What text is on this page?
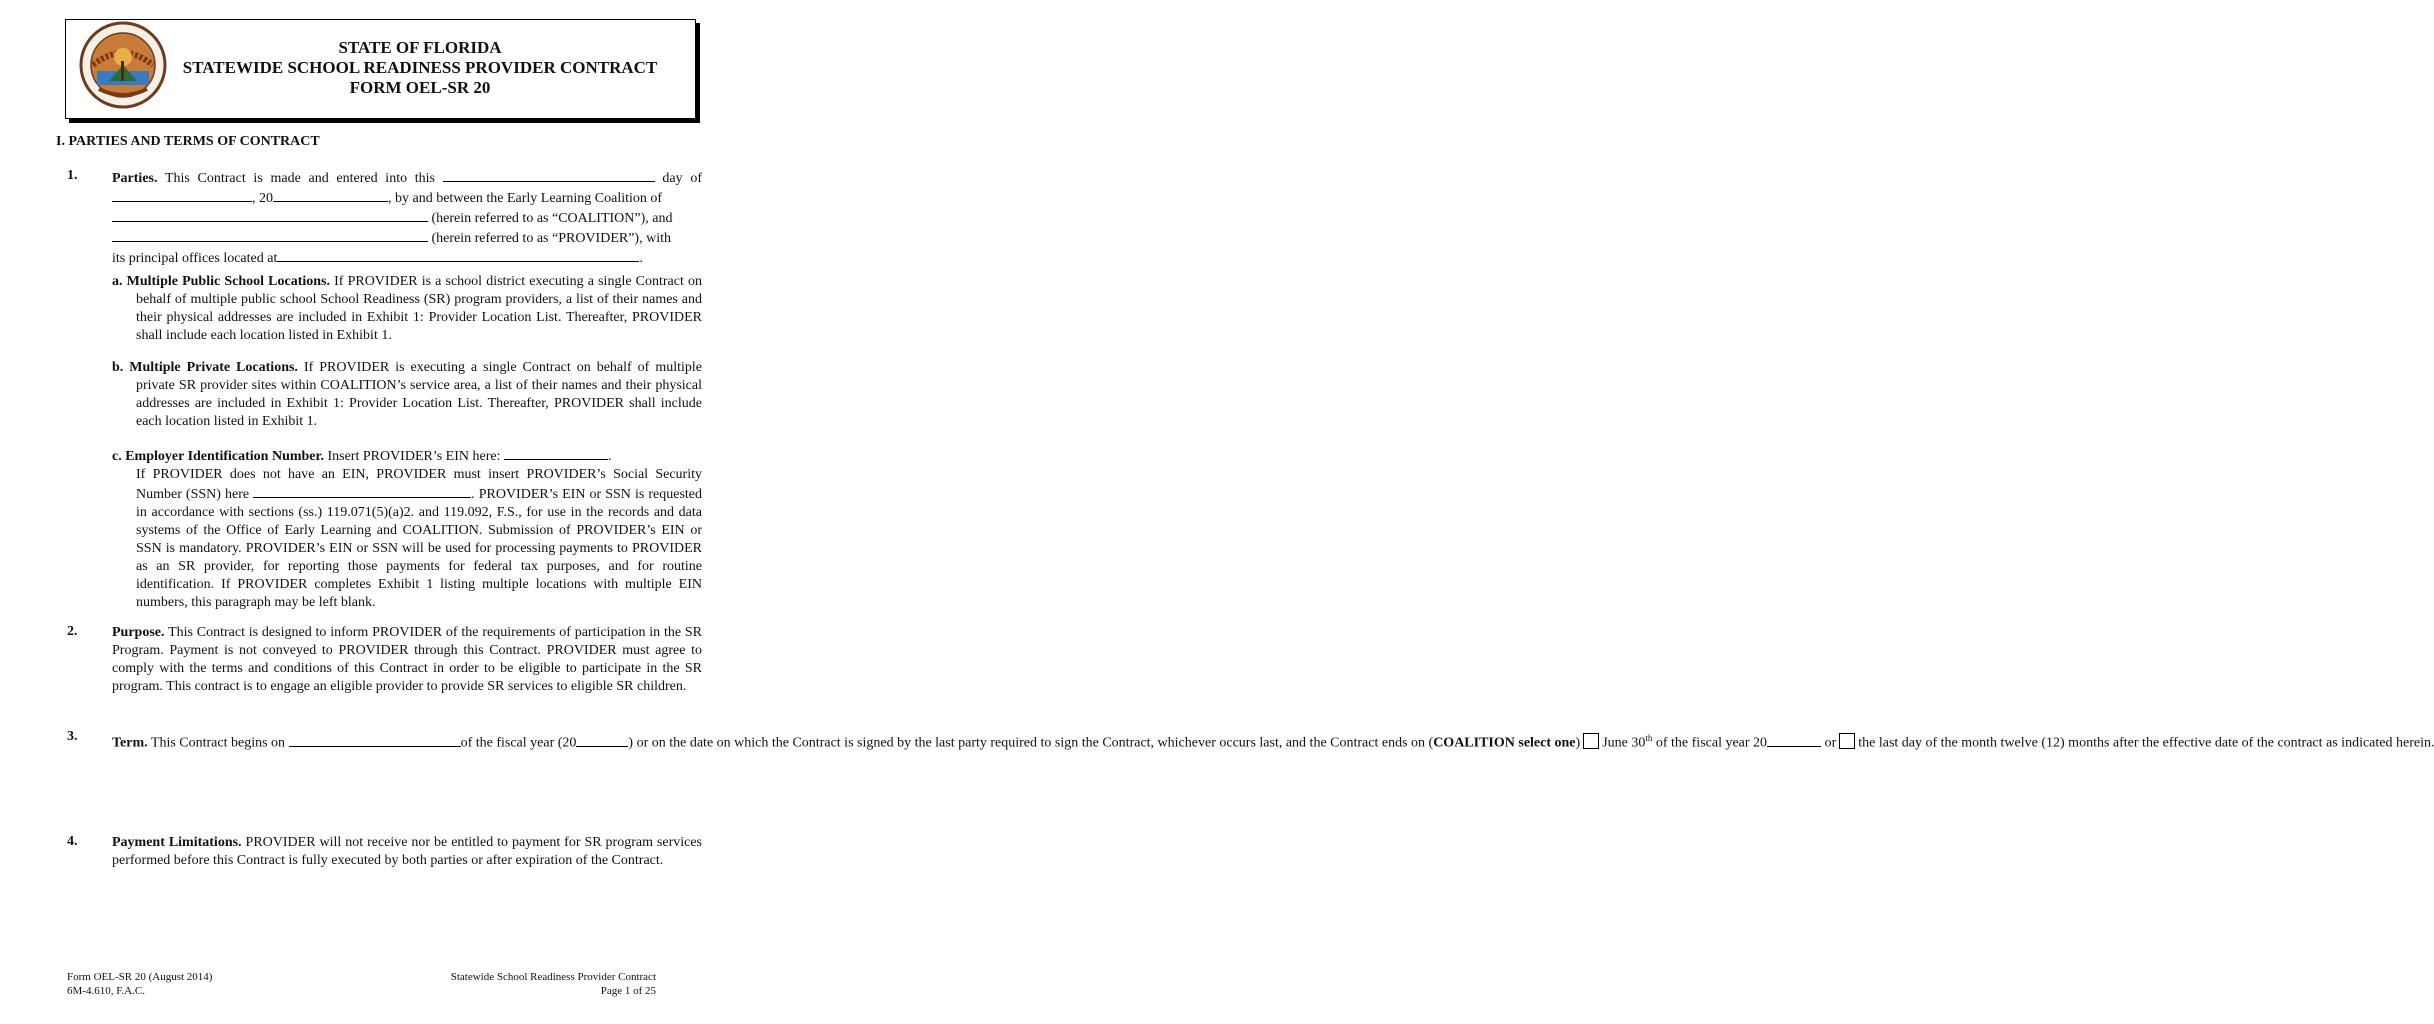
STATE OF FLORIDA
STATEWIDE SCHOOL READINESS PROVIDER CONTRACT
FORM OEL-SR 20
I. PARTIES AND TERMS OF CONTRACT
1. Parties. This Contract is made and entered into this	day of
, 20	, by and between the Early Learning Coalition of
(herein referred to as “COALITION”), and
(herein referred to as “PROVIDER”), with
its principal offices located at	.
a. Multiple Public School Locations. If PROVIDER is a school district executing a single Contract on behalf of multiple public school School Readiness (SR) program providers, a list of their names and their physical addresses are included in Exhibit 1: Provider Location List. Thereafter, PROVIDER shall include each location listed in Exhibit 1.
b. Multiple Private Locations. If PROVIDER is executing a single Contract on behalf of multiple private SR provider sites within COALITION’s service area, a list of their names and their physical addresses are included in Exhibit 1: Provider Location List. Thereafter, PROVIDER shall include each location listed in Exhibit 1.
c. Employer Identification Number. Insert PROVIDER’s EIN here:	.
If PROVIDER does not have an EIN, PROVIDER must insert PROVIDER’s Social Security Number (SSN) here	. PROVIDER’s EIN or SSN is requested in accordance with sections (ss.) 119.071(5)(a)2. and 119.092, F.S., for use in the records and data systems of the Office of Early Learning and COALITION. Submission of PROVIDER’s EIN or SSN is mandatory. PROVIDER’s EIN or SSN will be used for processing payments to PROVIDER as an SR provider, for reporting those payments for federal tax purposes, and for routine identification. If PROVIDER completes Exhibit 1 listing multiple locations with multiple EIN numbers, this paragraph may be left blank.
2. Purpose. This Contract is designed to inform PROVIDER of the requirements of participation in the SR Program. Payment is not conveyed to PROVIDER through this Contract. PROVIDER must agree to comply with the terms and conditions of this Contract in order to be eligible to participate in the SR program. This contract is to engage an eligible provider to provide SR services to eligible SR children.
3. Term. This Contract begins on	of the fiscal year (20	) or on the date on which the Contract is signed by the last party required to sign the Contract, whichever occurs last, and the Contract ends on (COALITION select one) June 30th of the fiscal year 20	or the last day of the month twelve (12) months after the effective date of the contract as indicated herein.
4. Payment Limitations. PROVIDER will not receive nor be entitled to payment for SR program services performed before this Contract is fully executed by both parties or after expiration of the Contract.
Form OEL-SR 20 (August 2014)
6M-4.610, F.A.C.
Statewide School Readiness Provider Contract
Page 1 of 25
